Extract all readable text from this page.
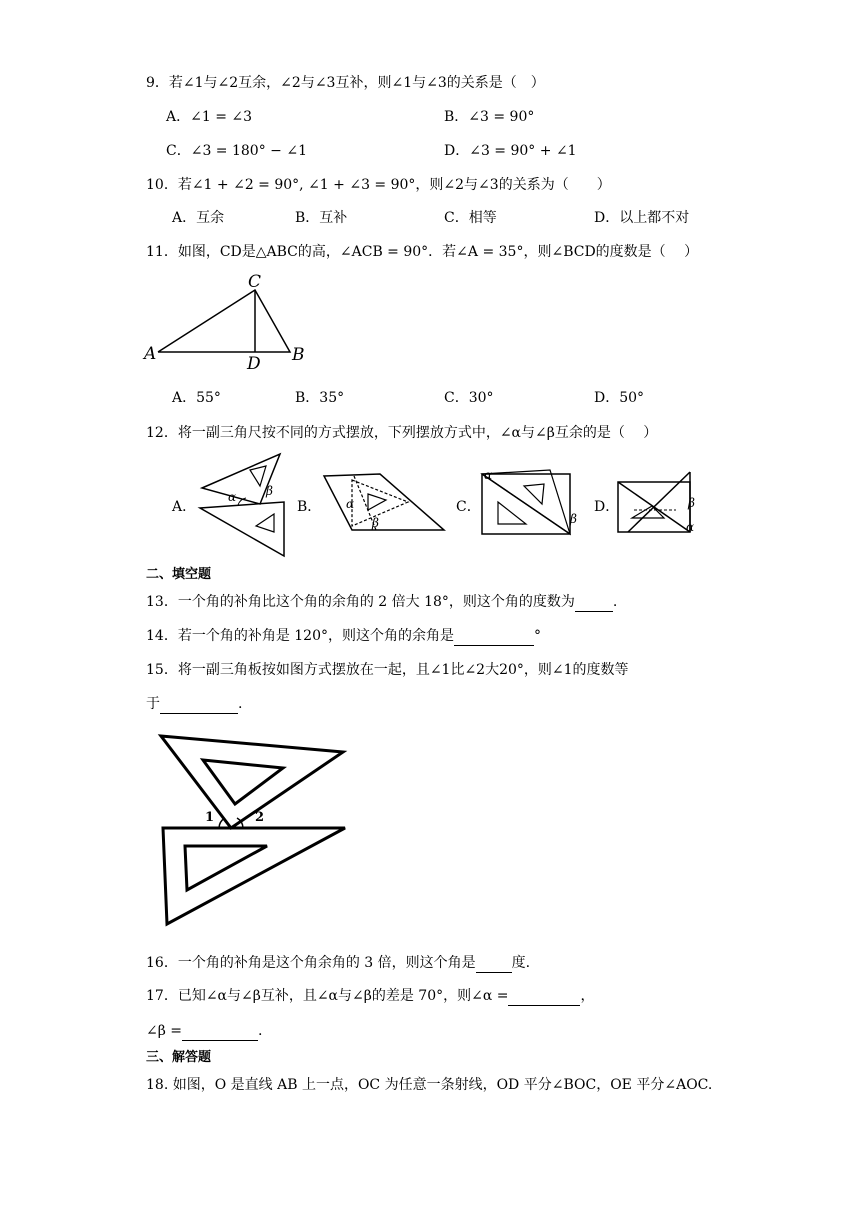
9．若∠1与∠2互余，∠2与∠3互补，则∠1与∠3的关系是（　）
A．∠1 = ∠3	B．∠3 = 90°
C．∠3 = 180° − ∠1	D．∠3 = 90° + ∠1
10．若∠1 + ∠2 = 90°, ∠1 + ∠3 = 90°，则∠2与∠3的关系为（　　）
A．互余	B．互补	C．相等	D．以上都不对
11．如图，CD是△ABC的高，∠ACB = 90°．若∠A = 35°，则∠BCD的度数是（　 ）
C
A	D B
A．55°	B．35°	C．30°	D．50°
12．将一副三角尺按不同的方式摆放，下列摆放方式中，∠α与∠β互余的是（　 ）
A．
α β
B． α
β
C．
α
β
D．	β
α
二、填空题
13．一个角的补角比这个角的余角的 2 倍大 18°，则这个角的度数为	.
14．若一个角的补角是 120°，则这个角的余角是	°
15．将一副三角板按如图方式摆放在一起，且∠1比∠2大20°，则∠1的度数等
于	.
1	2
16．一个角的补角是这个角余角的 3 倍，则这个角是	度.
17．已知∠α与∠β互补，且∠α与∠β的差是 70°，则∠α =	，
∠β =	.
三、解答题
18. 如图，O 是直线 AB 上一点，OC 为任意一条射线，OD 平分∠BOC，OE 平分∠AOC.
